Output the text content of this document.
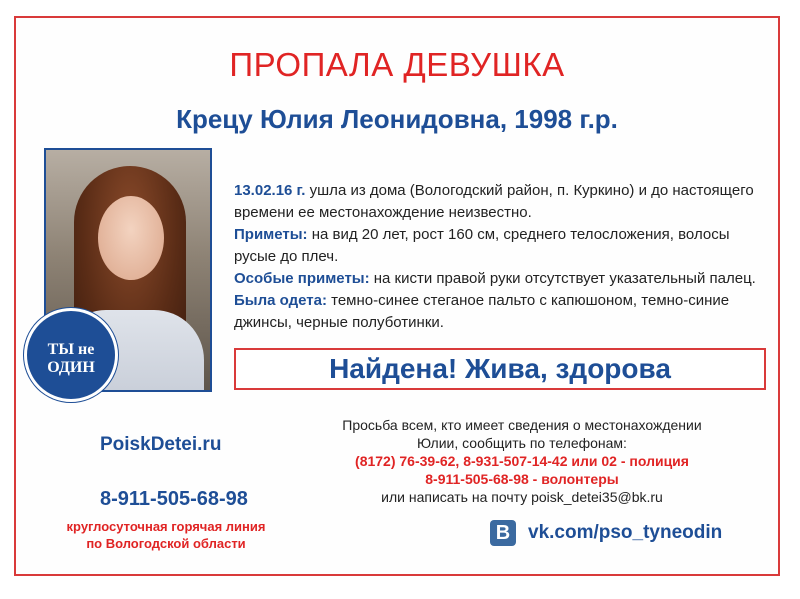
ПРОПАЛА ДЕВУШКА
Крецу Юлия Леонидовна, 1998 г.р.
ТЫ не ОДИН
13.02.16 г. ушла из дома (Вологодский район, п. Куркино) и до настоящего времени ее местонахождение неизвестно.
Приметы: на вид 20 лет, рост 160 см, среднего телосложения, волосы русые до плеч.
Особые приметы: на кисти правой руки отсутствует указательный палец.
Была одета: темно-синее стеганое пальто с капюшоном, темно-синие джинсы, черные полуботинки.
Найдена! Жива, здорова
PoiskDetei.ru
8-911-505-68-98
круглосуточная горячая линия
по Вологодской области
Просьба всем, кто имеет сведения о местонахождении
Юлии, сообщить по телефонам:
(8172) 76-39-62, 8-931-507-14-42 или 02 - полиция
8-911-505-68-98 - волонтеры
или написать на почту poisk_detei35@bk.ru
В vk.com/pso_tyneodin
